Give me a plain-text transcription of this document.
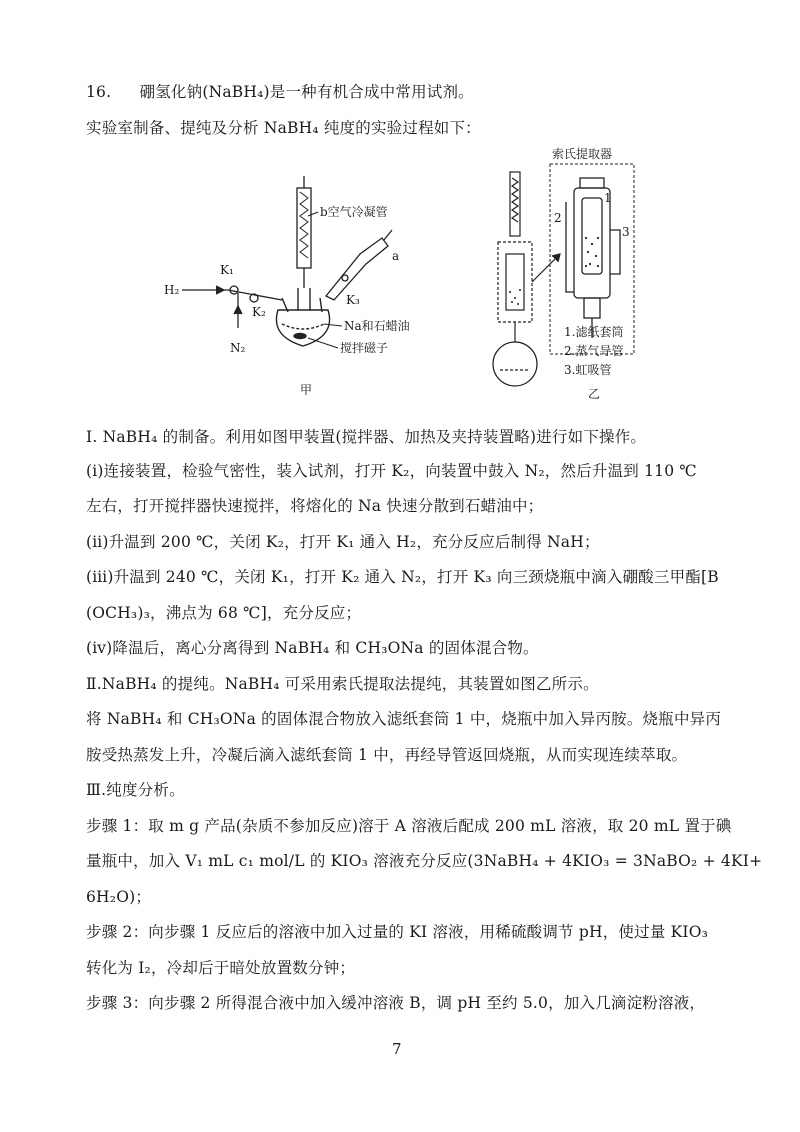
16. 硼氢化钠(NaBH₄)是一种有机合成中常用试剂。
实验室制备、提纯及分析 NaBH₄ 纯度的实验过程如下：
b空气冷凝管
a
H₂
K₁
K₂
K₃
N₂
Na和石蜡油
搅拌磁子
甲
索氏提取器
1
2
3
1.滤纸套筒
2.蒸气导管
3.虹吸管
乙
Ⅰ. NaBH₄ 的制备。利用如图甲装置(搅拌器、加热及夹持装置略)进行如下操作。
(ⅰ)连接装置，检验气密性，装入试剂，打开 K₂，向装置中鼓入 N₂，然后升温到 110 ℃
左右，打开搅拌器快速搅拌，将熔化的 Na 快速分散到石蜡油中；
(ⅱ)升温到 200 ℃，关闭 K₂，打开 K₁ 通入 H₂，充分反应后制得 NaH；
(ⅲ)升温到 240 ℃，关闭 K₁，打开 K₂ 通入 N₂，打开 K₃ 向三颈烧瓶中滴入硼酸三甲酯[B
(OCH₃)₃，沸点为 68 ℃]，充分反应；
(ⅳ)降温后，离心分离得到 NaBH₄ 和 CH₃ONa 的固体混合物。
Ⅱ.NaBH₄ 的提纯。NaBH₄ 可采用索氏提取法提纯，其装置如图乙所示。
将 NaBH₄ 和 CH₃ONa 的固体混合物放入滤纸套筒 1 中，烧瓶中加入异丙胺。烧瓶中异丙
胺受热蒸发上升，冷凝后滴入滤纸套筒 1 中，再经导管返回烧瓶，从而实现连续萃取。
Ⅲ.纯度分析。
步骤 1：取 m g 产品(杂质不参加反应)溶于 A 溶液后配成 200 mL 溶液，取 20 mL 置于碘
量瓶中，加入 V₁ mL c₁ mol/L 的 KIO₃ 溶液充分反应(3NaBH₄ + 4KIO₃ = 3NaBO₂ + 4KI+
6H₂O)；
步骤 2：向步骤 1 反应后的溶液中加入过量的 KI 溶液，用稀硫酸调节 pH，使过量 KIO₃
转化为 I₂，冷却后于暗处放置数分钟；
步骤 3：向步骤 2 所得混合液中加入缓冲溶液 B，调 pH 至约 5.0，加入几滴淀粉溶液，
7
